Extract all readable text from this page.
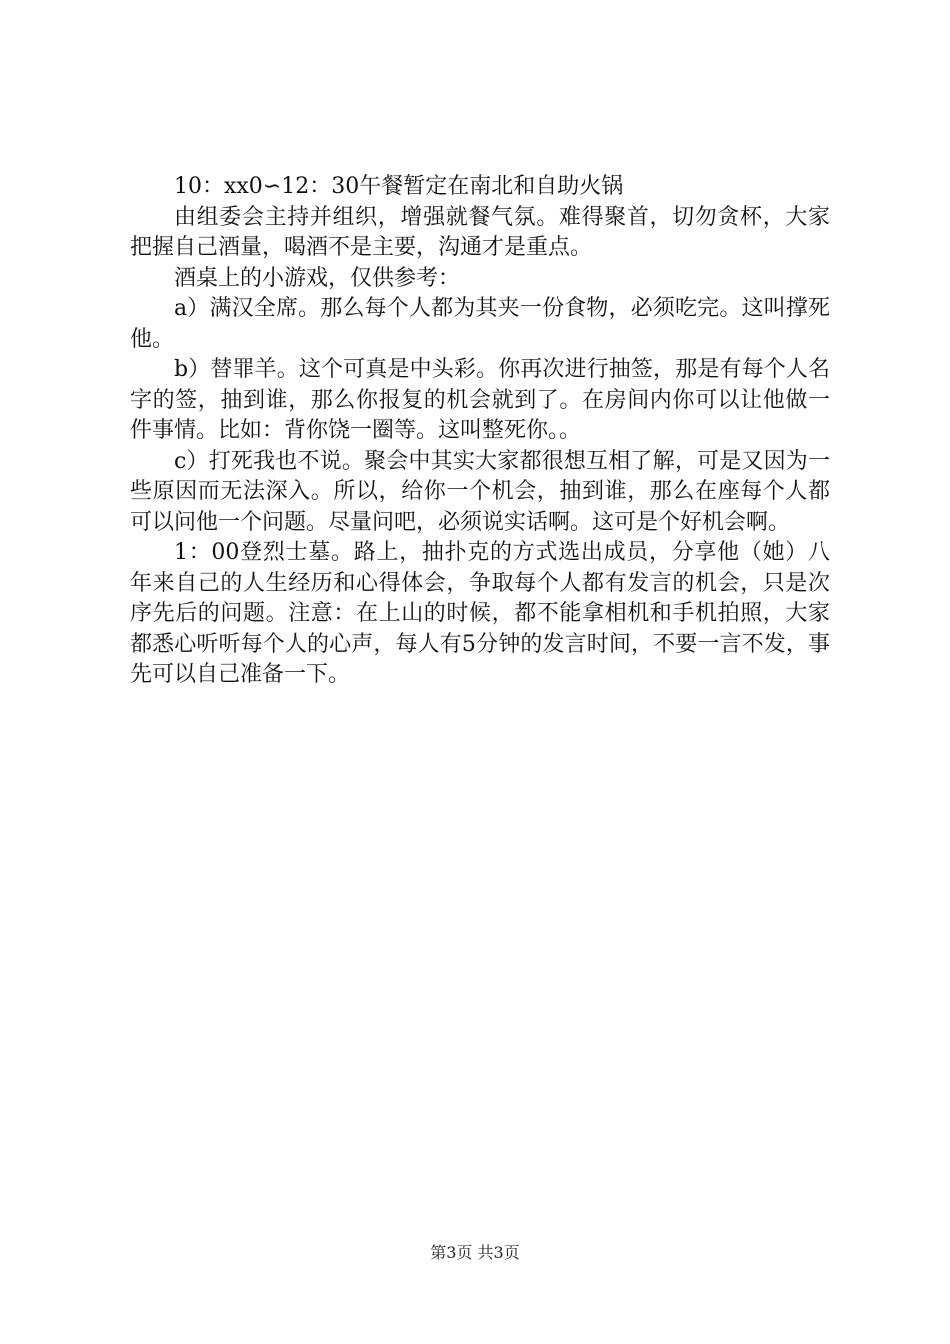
10：xx0∽12：30午餐暂定在南北和自助火锅

由组委会主持并组织，增强就餐气氛。难得聚首，切勿贪杯，大家把握自己酒量，喝酒不是主要，沟通才是重点。

酒桌上的小游戏，仅供参考：

a）满汉全席。那么每个人都为其夹一份食物，必须吃完。这叫撑死他。

b）替罪羊。这个可真是中头彩。你再次进行抽签，那是有每个人名字的签，抽到谁，那么你报复的机会就到了。在房间内你可以让他做一件事情。比如：背你饶一圈等。这叫整死你。。

c）打死我也不说。聚会中其实大家都很想互相了解，可是又因为一些原因而无法深入。所以，给你一个机会，抽到谁，那么在座每个人都可以问他一个问题。尽量问吧，必须说实话啊。这可是个好机会啊。

1：00登烈士墓。路上，抽扑克的方式选出成员，分享他（她）八年来自己的人生经历和心得体会，争取每个人都有发言的机会，只是次序先后的问题。注意：在上山的时候，都不能拿相机和手机拍照，大家都悉心听听每个人的心声，每人有5分钟的发言时间，不要一言不发，事先可以自己准备一下。

第3页 共3页
